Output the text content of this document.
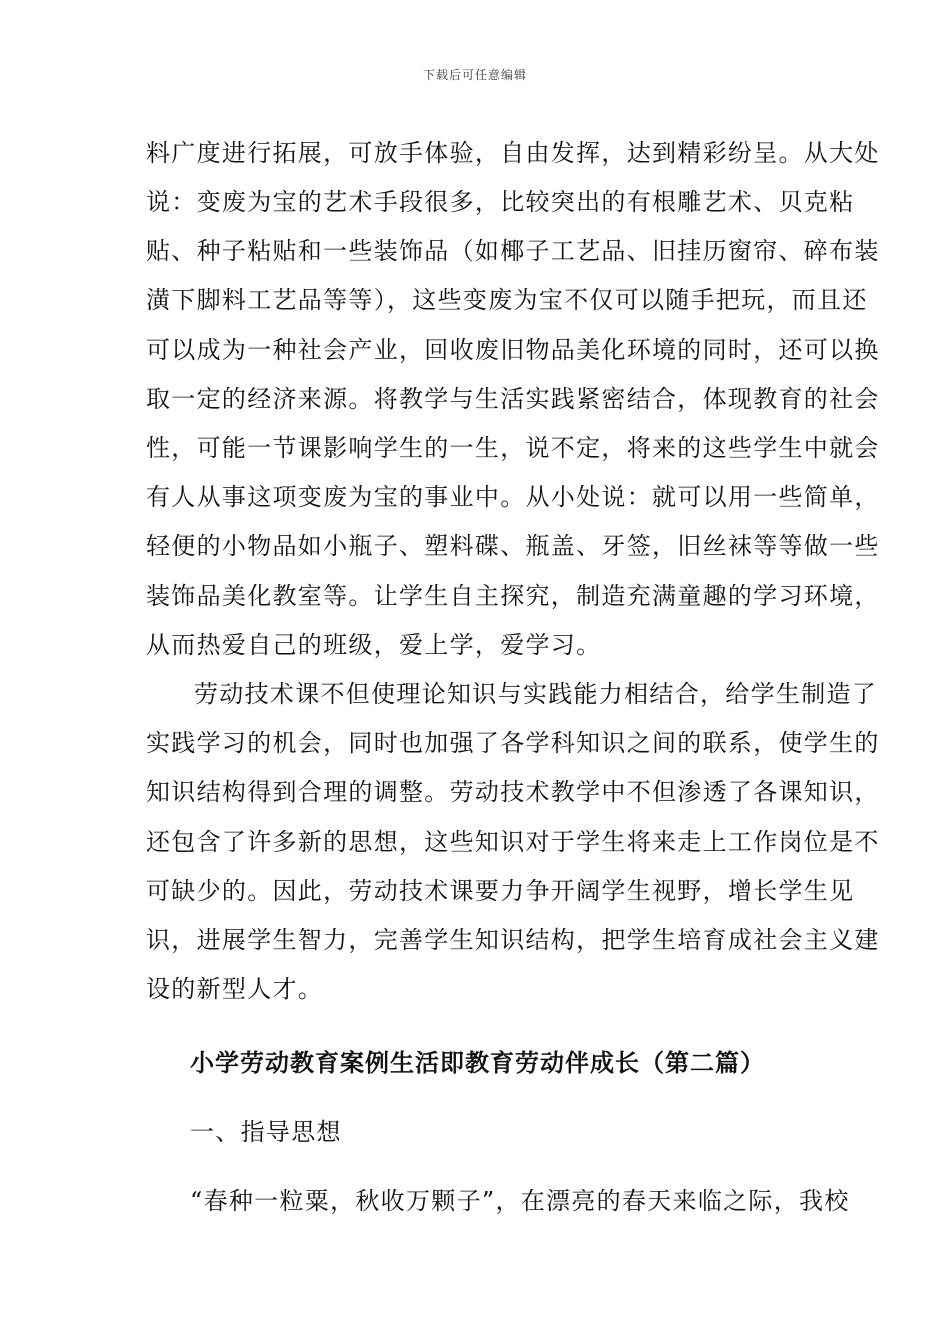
下载后可任意编辑
料广度进行拓展，可放手体验，自由发挥，达到精彩纷呈。从大处
说：变废为宝的艺术手段很多，比较突出的有根雕艺术、贝克粘
贴、种子粘贴和一些装饰品（如椰子工艺品、旧挂历窗帘、碎布装
潢下脚料工艺品等等），这些变废为宝不仅可以随手把玩，而且还
可以成为一种社会产业，回收废旧物品美化环境的同时，还可以换
取一定的经济来源。将教学与生活实践紧密结合，体现教育的社会
性，可能一节课影响学生的一生，说不定，将来的这些学生中就会
有人从事这项变废为宝的事业中。从小处说：就可以用一些简单，
轻便的小物品如小瓶子、塑料碟、瓶盖、牙签，旧丝袜等等做一些
装饰品美化教室等。让学生自主探究，制造充满童趣的学习环境，
从而热爱自己的班级，爱上学，爱学习。
劳动技术课不但使理论知识与实践能力相结合，给学生制造了
实践学习的机会，同时也加强了各学科知识之间的联系，使学生的
知识结构得到合理的调整。劳动技术教学中不但渗透了各课知识，
还包含了许多新的思想，这些知识对于学生将来走上工作岗位是不
可缺少的。因此，劳动技术课要力争开阔学生视野，增长学生见
识，进展学生智力，完善学生知识结构，把学生培育成社会主义建
设的新型人才。
小学劳动教育案例生活即教育劳动伴成长（第二篇）
一、指导思想
“春种一粒粟，秋收万颗子”，在漂亮的春天来临之际，我校
